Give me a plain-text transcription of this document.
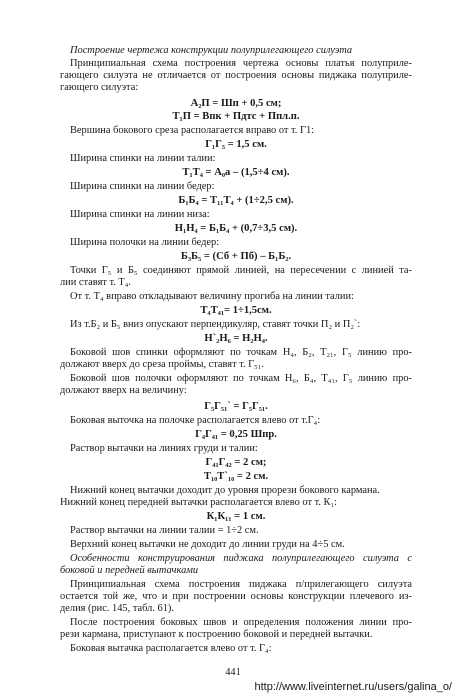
Построение чертежа конструкции полуприлегающего силуэта
Принципиальная схема построения чертежа основы платья полуприле-
гающего силуэта не отличается от построения основы пиджака полуприле-
гающего силуэта:
А₂П = Шп + 0,5 см;
Т₁П = Впк + Пдтс + Ппл.п.
Вершина бокового среза располагается вправо от т. Г1:
Г₁Г₅ = 1,5 см.
Ширина спинки на линии талии:
Т₁Т₄ = А₀а – (1,5÷4 см).
Ширина спинки на линии бедер:
Б₁Б₄ = Т₁₁Т₄ + (1÷2,5 см).
Ширина спинки на линии низа:
Н₁Н₄ = Б₁Б₄ + (0,7÷3,5 см).
Ширина полочки на линии бедер:
Б₃Б₅ = (Сб + Пб) – Б₁Б₂.
Точки Г₅ и Б₅ соединяют прямой линией, на пересечении с линией та-
лии ставят т. Т₄.
От т. Т₄ вправо откладывают величину прогиба на линии талии:
Т₄Т₄₁= 1÷1,5см.
Из т.Б₂ и Б₅ вниз опускают перпендикуляр, ставят точки П₂ и П₂`:
Н`₂Н₆ = Н₂Н₄.
Боковой шов спинки оформляют по точкам Н₄, Б₂, Т₂₁, Г₅ линию про-
должают вверх до среза проймы, ставят т. Г₅₁.
Боковой шов полочки оформляют по точкам Н₆, Б₄, Т₄₁, Г₅ линию про-
должают вверх на величину:
Г₅Г₅₁` = Г₅Г₅₁.
Боковая выточка на полочке располагается влево от т.Г₄:
Г₄Г₄₁ = 0,25 Шпр.
Раствор вытачки на линиях груди и талии:
Г₄₁Г₄₂ = 2 см;
Т₁₀Т`₁₀ = 2 см.
Нижний конец вытачки доходит до уровня прорези бокового кармана.
Нижний конец передней вытачки располагается влево от т. К₁:
К₁К₁₁ = 1 см.
Раствор вытачки на линии талии = 1÷2 см.
Верхний конец вытачки не доходит до линии груди на 4÷5 см.
Особенности конструирования пиджака полуприлегающего силуэта с
боковой и передней вытачками
Принципиальная схема построения пиджака п/прилегающего силуэта
остается той же, что и при построении основы конструкции плечевого из-
делия (рис. 145, табл. 61).
После построения боковых швов и определения положения линии про-
рези кармана, приступают к построению боковой и передней вытачки.
Боковая вытачка располагается влево от т. Г₄:
441
http://www.liveinternet.ru/users/galina_o/
